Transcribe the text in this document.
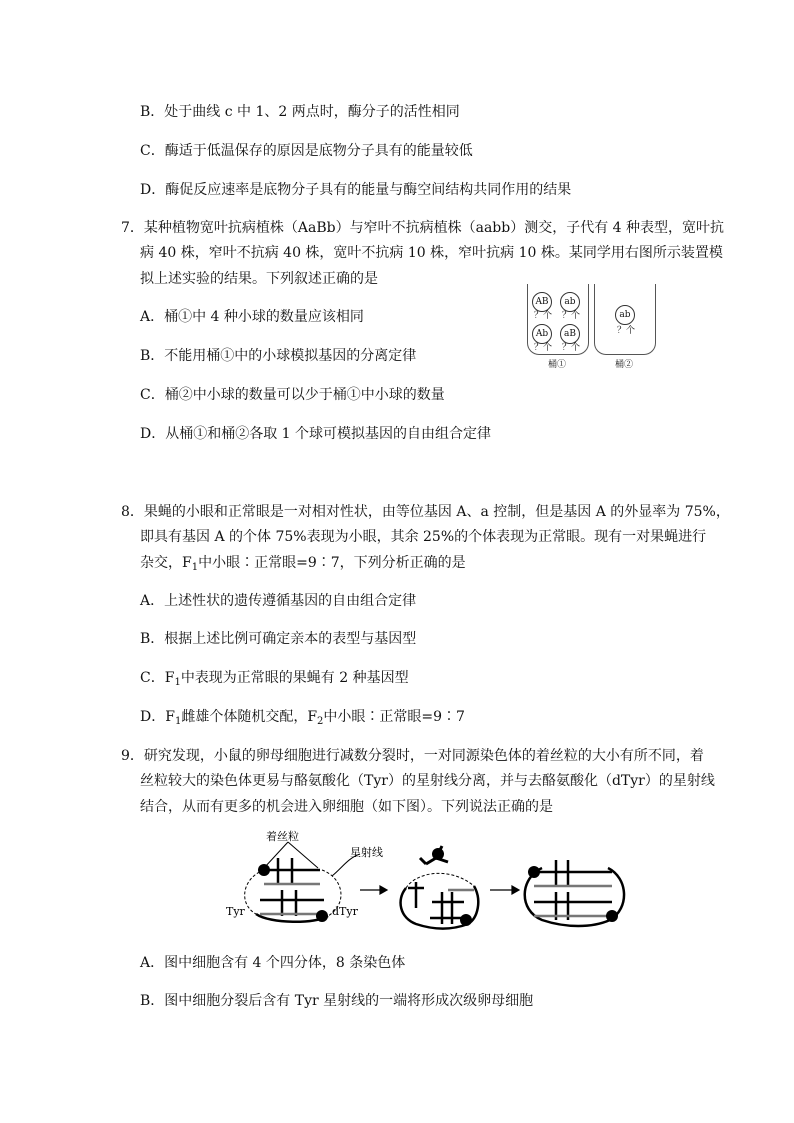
B．处于曲线 c 中 1、2 两点时，酶分子的活性相同
C．酶适于低温保存的原因是底物分子具有的能量较低
D．酶促反应速率是底物分子具有的能量与酶空间结构共同作用的结果
7．某种植物宽叶抗病植株（AaBb）与窄叶不抗病植株（aabb）测交，子代有 4 种表型，宽叶抗
病 40 株，窄叶不抗病 40 株，宽叶不抗病 10 株，窄叶抗病 10 株。某同学用右图所示装置模
拟上述实验的结果。下列叙述正确的是
A．桶①中 4 种小球的数量应该相同
B．不能用桶①中的小球模拟基因的分离定律
C．桶②中小球的数量可以少于桶①中小球的数量
D．从桶①和桶②各取 1 个球可模拟基因的自由组合定律
AB
？个
ab
？个
Ab
？个
aB
？个
桶①
ab
？个
桶②
8．果蝇的小眼和正常眼是一对相对性状，由等位基因 A、a 控制，但是基因 A 的外显率为 75%，
即具有基因 A 的个体 75%表现为小眼，其余 25%的个体表现为正常眼。现有一对果蝇进行
杂交，$F_1$中小眼∶正常眼=9∶7，下列分析正确的是
A．上述性状的遗传遵循基因的自由组合定律
B．根据上述比例可确定亲本的表型与基因型
C．$F_1$中表现为正常眼的果蝇有 2 种基因型
D．$F_1$雌雄个体随机交配，$F_2$中小眼∶正常眼=9∶7
9．研究发现，小鼠的卵母细胞进行减数分裂时，一对同源染色体的着丝粒的大小有所不同，着
丝粒较大的染色体更易与酪氨酸化（Tyr）的星射线分离，并与去酪氨酸化（dTyr）的星射线
结合，从而有更多的机会进入卵细胞（如下图）。下列说法正确的是
着丝粒
星射线
Tyr	dTyr
A．图中细胞含有 4 个四分体，8 条染色体
B．图中细胞分裂后含有 Tyr 星射线的一端将形成次级卵母细胞
